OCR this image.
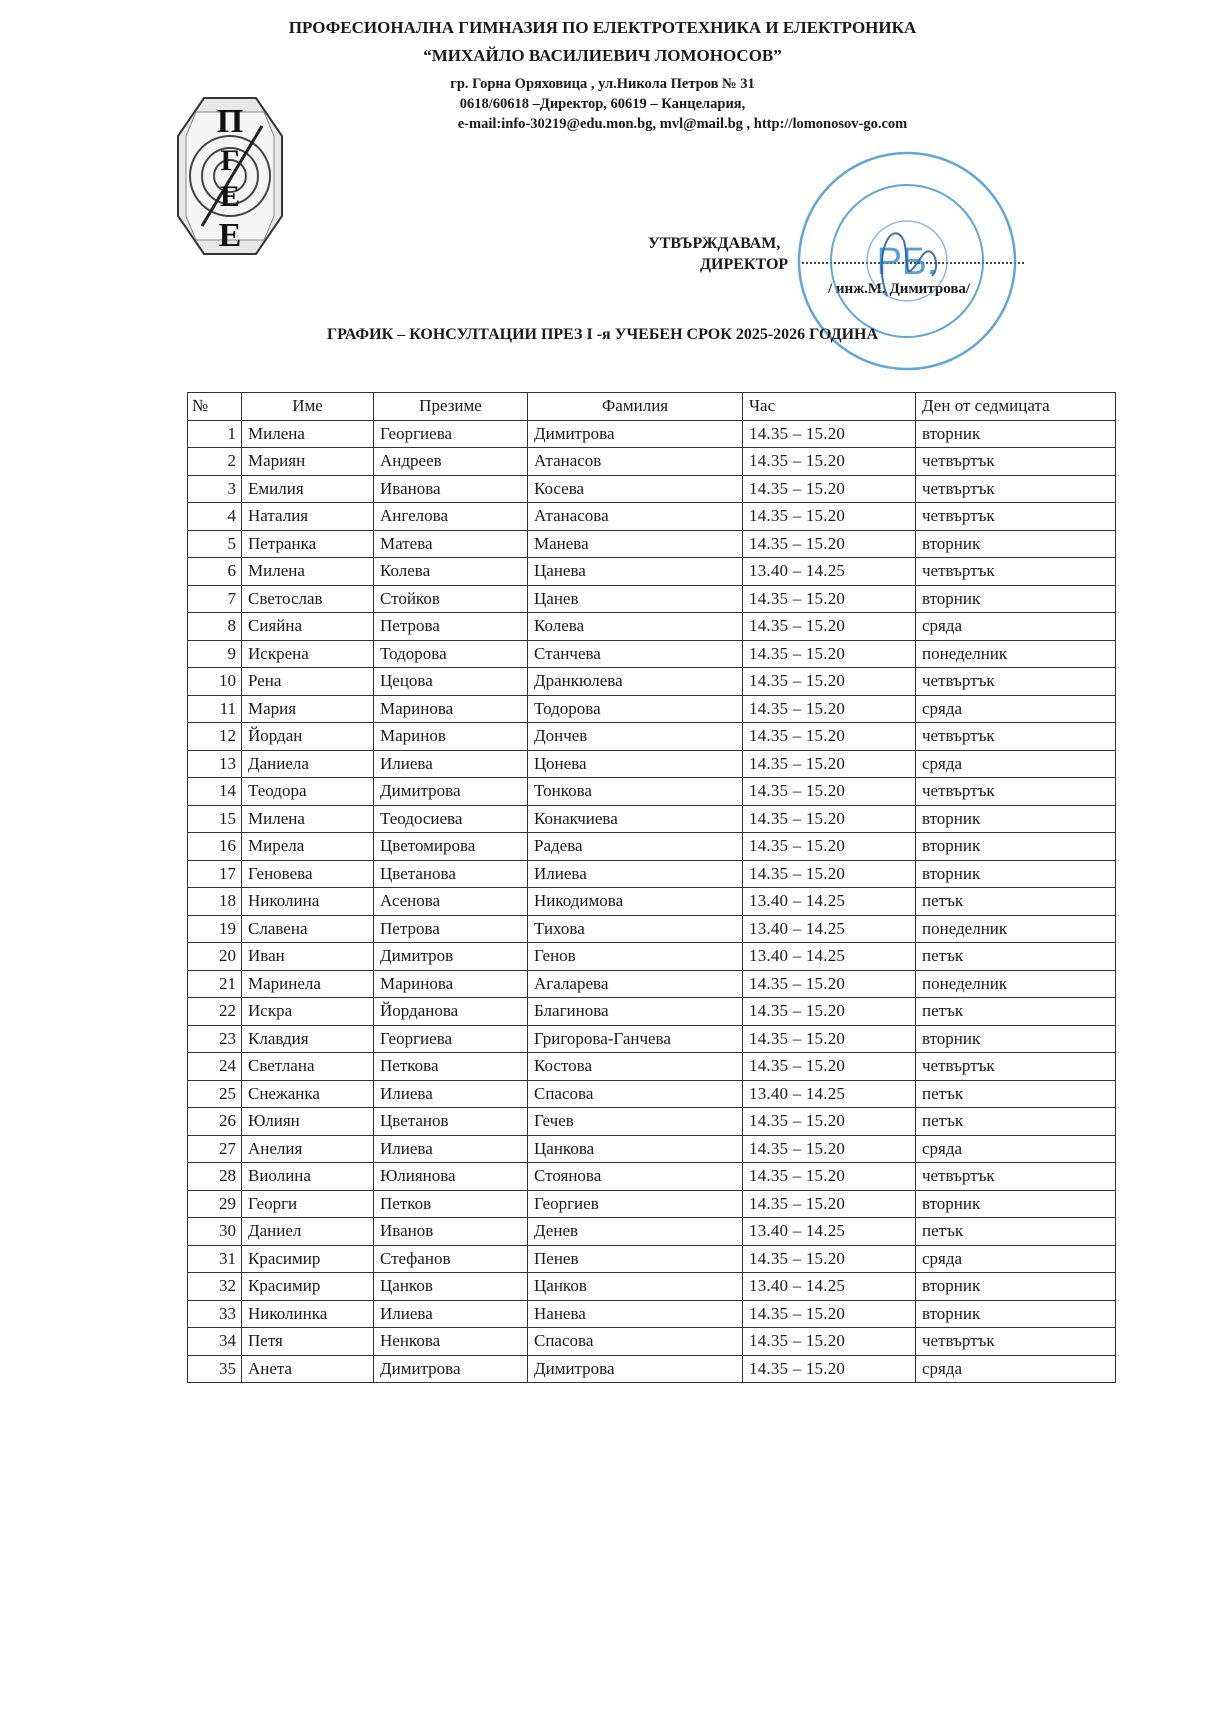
ПРОФЕСИОНАЛНА ГИМНАЗИЯ ПО ЕЛЕКТРОТЕХНИКА И ЕЛЕКТРОНИКА
“МИХАЙЛО ВАСИЛИЕВИЧ ЛОМОНОСОВ”
гр. Горна Оряховица , ул.Никола Петров № 31
0618/60618 –Директор, 60619 – Канцелария,
e-mail:info-30219@edu.mon.bg, mvl@mail.bg , http://lomonosov-go.com
П
Г
Е
Е	УТВЪРЖДАВАМ,
ДИРЕКТОР
/ инж.М. Димитрова/
РБ.
ГРАФИК – КОНСУЛТАЦИИ ПРЕЗ I -я УЧЕБЕН СРОК 2025-2026 ГОДИНА
№	Име	Презиме	Фамилия	Час	Ден от седмицата
1	Милена	Георгиева	Димитрова	14.35 – 15.20	вторник
2	Мариян	Андреев	Атанасов	14.35 – 15.20	четвъртък
3	Емилия	Иванова	Косева	14.35 – 15.20	четвъртък
4	Наталия	Ангелова	Атанасова	14.35 – 15.20	четвъртък
5	Петранка	Матева	Манева	14.35 – 15.20	вторник
6	Милена	Колева	Цанева	13.40 – 14.25	четвъртък
7	Светослав	Стойков	Цанев	14.35 – 15.20	вторник
8	Сияйна	Петрова	Колева	14.35 – 15.20	сряда
9	Искрена	Тодорова	Станчева	14.35 – 15.20	понеделник
10	Рена	Цецова	Дранкюлева	14.35 – 15.20	четвъртък
11	Мария	Маринова	Тодорова	14.35 – 15.20	сряда
12	Йордан	Маринов	Дончев	14.35 – 15.20	четвъртък
13	Даниела	Илиева	Цонева	14.35 – 15.20	сряда
14	Теодора	Димитрова	Тонкова	14.35 – 15.20	четвъртък
15	Милена	Теодосиева	Конакчиева	14.35 – 15.20	вторник
16	Мирела	Цветомирова	Радева	14.35 – 15.20	вторник
17	Геновева	Цветанова	Илиева	14.35 – 15.20	вторник
18	Николина	Асенова	Никодимова	13.40 – 14.25	петък
19	Славена	Петрова	Тихова	13.40 – 14.25	понеделник
20	Иван	Димитров	Генов	13.40 – 14.25	петък
21	Маринела	Маринова	Агаларева	14.35 – 15.20	понеделник
22	Искра	Йорданова	Благинова	14.35 – 15.20	петък
23	Клавдия	Георгиева	Григорова-Ганчева	14.35 – 15.20	вторник
24	Светлана	Петкова	Костова	14.35 – 15.20	четвъртък
25	Снежанка	Илиева	Спасова	13.40 – 14.25	петък
26	Юлиян	Цветанов	Гечев	14.35 – 15.20	петък
27	Анелия	Илиева	Цанкова	14.35 – 15.20	сряда
28	Виолина	Юлиянова	Стоянова	14.35 – 15.20	четвъртък
29	Георги	Петков	Георгиев	14.35 – 15.20	вторник
30	Даниел	Иванов	Денев	13.40 – 14.25	петък
31	Красимир	Стефанов	Пенев	14.35 – 15.20	сряда
32	Красимир	Цанков	Цанков	13.40 – 14.25	вторник
33	Николинка	Илиева	Нанева	14.35 – 15.20	вторник
34	Петя	Ненкова	Спасова	14.35 – 15.20	четвъртък
35	Анета	Димитрова	Димитрова	14.35 – 15.20	сряда
